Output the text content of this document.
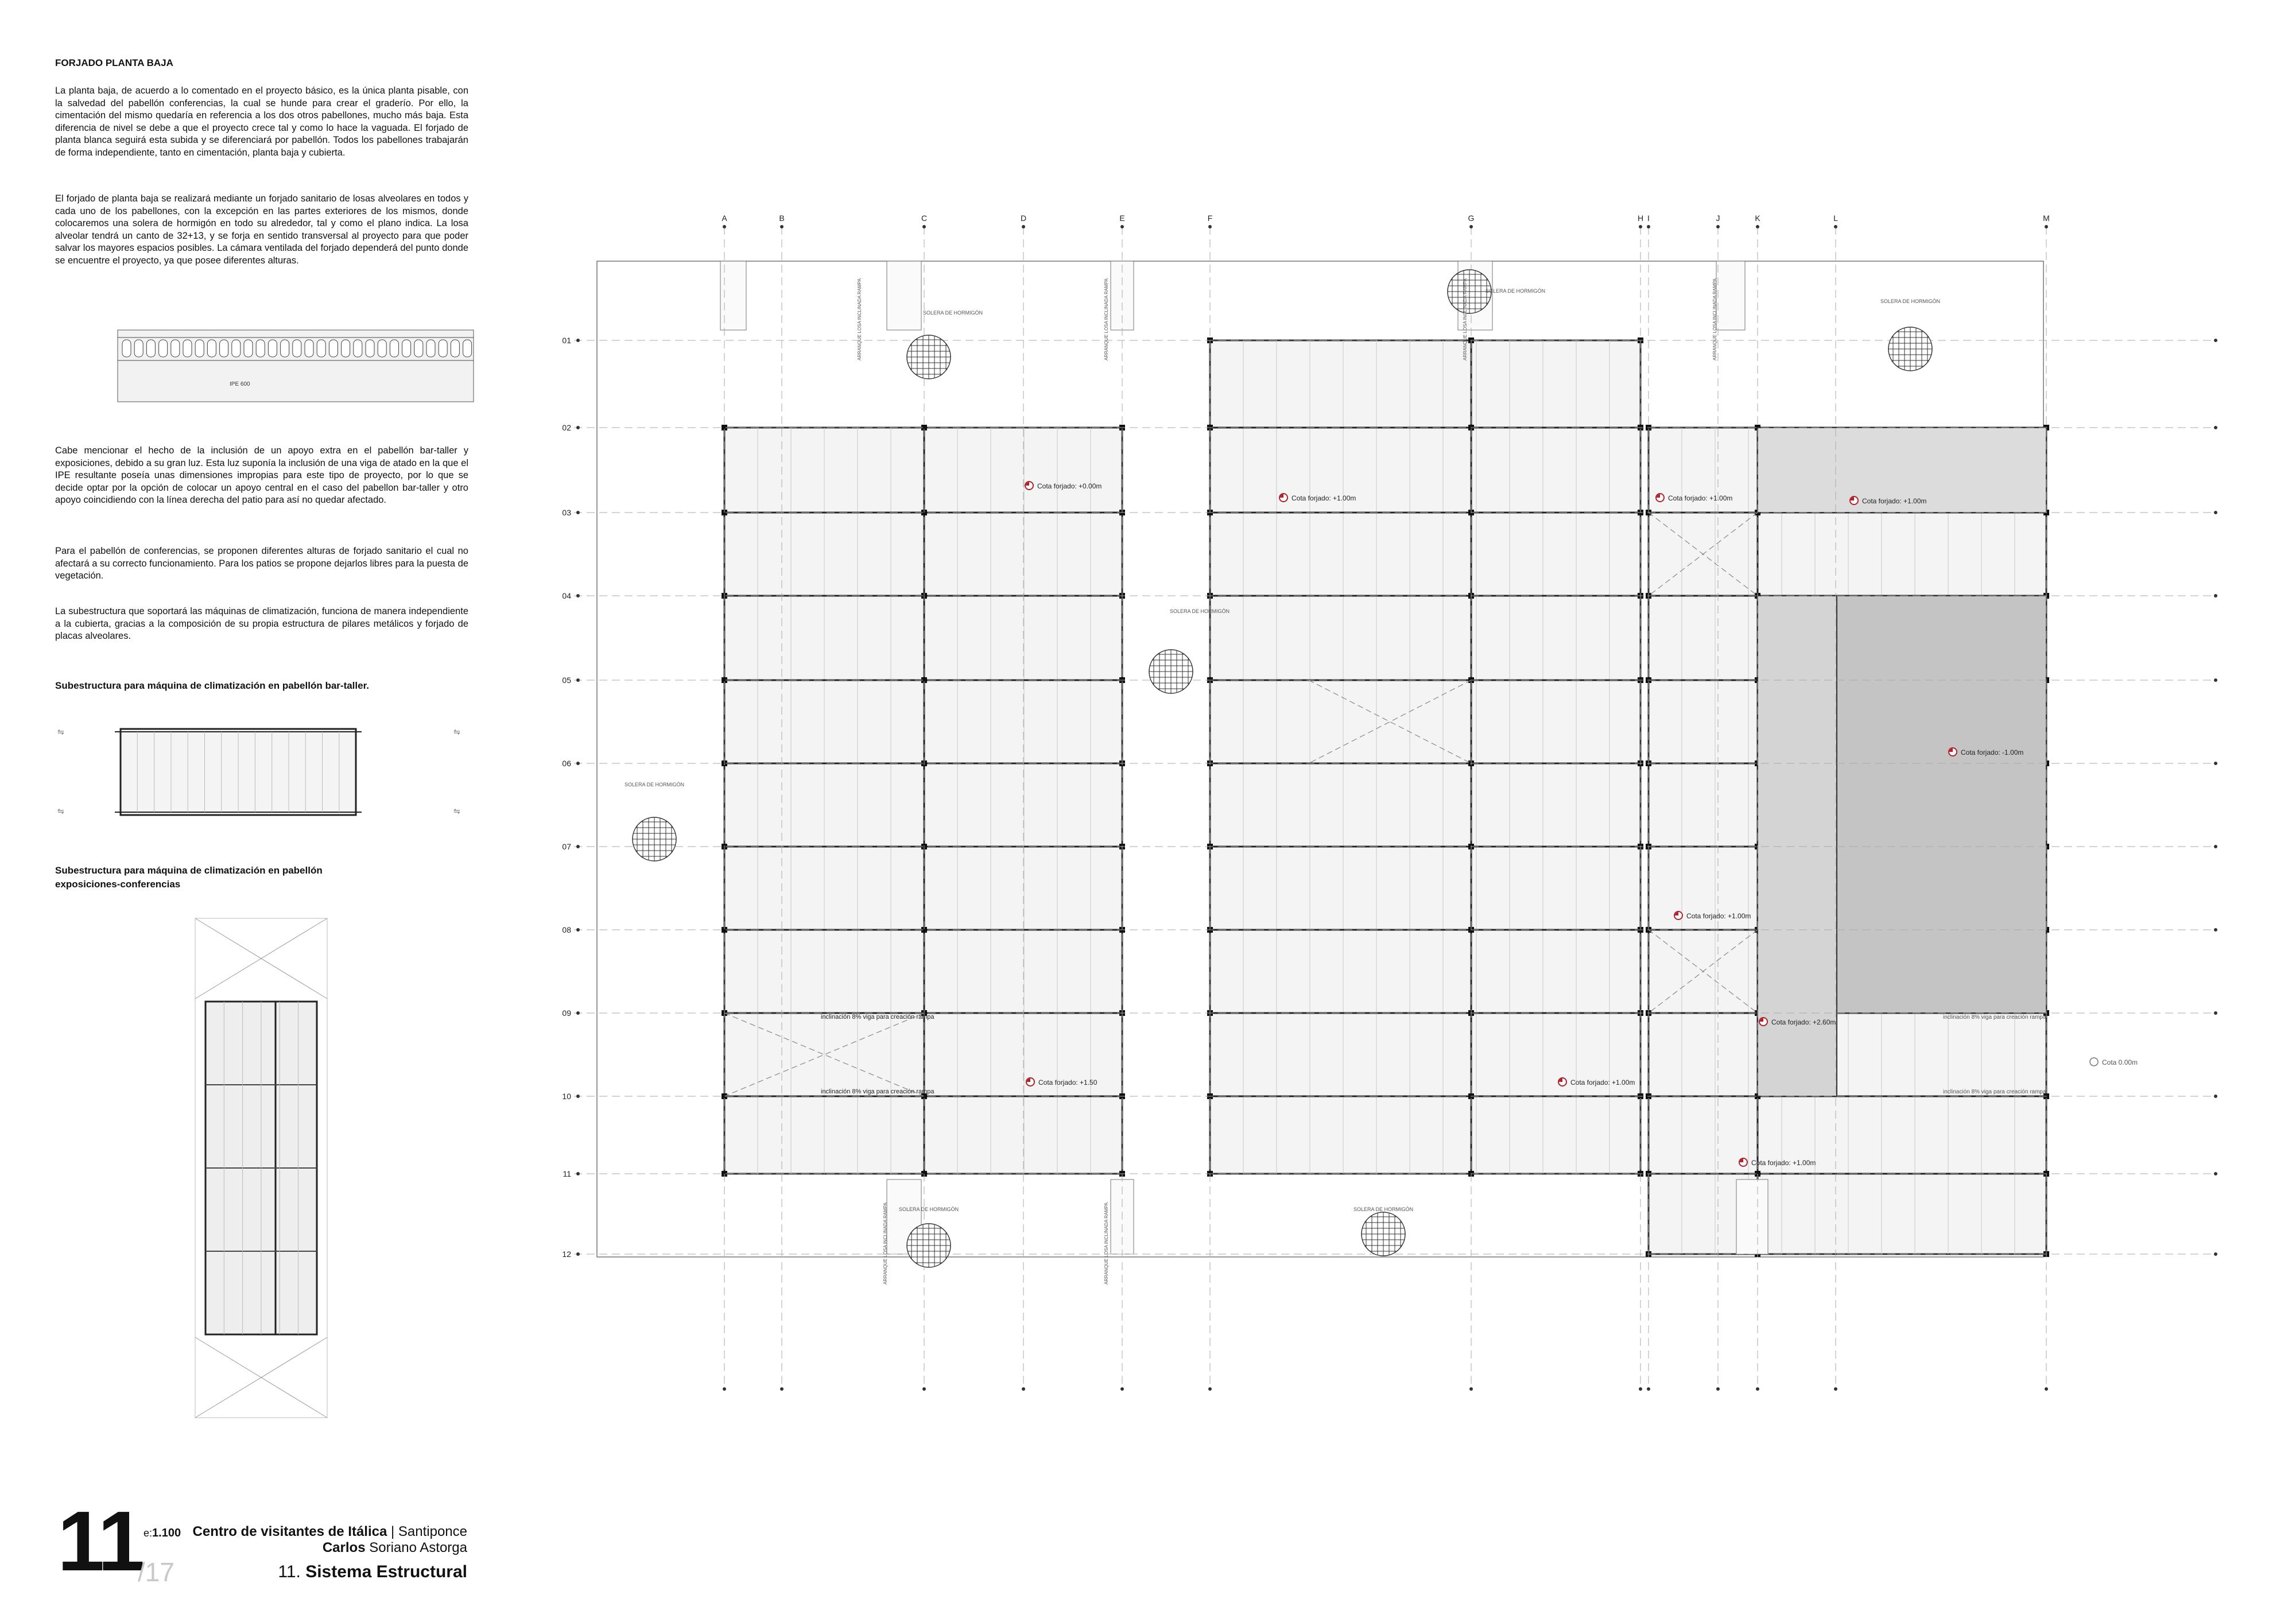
FORJADO PLANTA BAJA

La planta baja, de acuerdo a lo comentado en el proyecto básico, es la única planta pisable, con la salvedad del pabellón conferencias, la cual se hunde para crear el graderío. Por ello, la cimentación del mismo quedaría en referencia a los dos otros pabellones, mucho más baja. Esta diferencia de nivel se debe a que el proyecto crece tal y como lo hace la vaguada. El forjado de planta blanca seguirá esta subida y se diferenciará por pabellón. Todos los pabellones trabajarán de forma independiente, tanto en cimentación, planta baja y cubierta.

El forjado de planta baja se realizará mediante un forjado sanitario de losas alveolares en todos y cada uno de los pabellones, con la excepción en las partes exteriores de los mismos, donde colocaremos una solera de hormigón en todo su alrededor, tal y como el plano indica. La losa alveolar tendrá un canto de 32+13, y se forja en sentido transversal al proyecto para que poder salvar los mayores espacios posibles. La cámara ventilada del forjado dependerá del punto donde se encuentre el proyecto, ya que posee diferentes alturas.

Cabe mencionar el hecho de la inclusión de un apoyo extra en el pabellón bar-taller y exposiciones, debido a su gran luz. Esta luz suponía la inclusión de una viga de atado en la que el IPE resultante poseía unas dimensiones impropias para este tipo de proyecto, por lo que se decide optar por la opción de colocar un apoyo central en el caso del pabellon bar-taller y otro apoyo coincidiendo con la línea derecha del patio para así no quedar afectado.

Para el pabellón de conferencias, se proponen diferentes alturas de forjado sanitario el cual no afectará a su correcto funcionamiento. Para los patios se propone dejarlos libres para la puesta de vegetación.

La subestructura que soportará las máquinas de climatización, funciona de manera independiente a la cubierta, gracias a la composición de su propia estructura de pilares metálicos y forjado de placas alveolares.

Subestructura para máquina de climatización en pabellón bar-taller.

Subestructura para máquina de climatización en pabellón exposiciones-conferencias

IPE 600
⇋	⇋
⇋	⇋
A	B	C	D	E	F	G	H I	J	K	L	M
01
02
03
04
05
06
07
08
09
10
11
12
SOLERA DE HORMIGÓN
SOLERA DE HORMIGÓN
SOLERA DE HORMIGÓN
SOLERA DE HORMIGÓN
SOLERA DE HORMIGÓN
SOLERA DE HORMIGÓN
SOLERA DE HORMIGÓN
Cota forjado: +1.00m	Cota forjado: +1.00m	Cota forjado: +1.00m
Cota forjado: +0.00m
Cota forjado: -1.00m
Cota forjado: +1.00m
Cota forjado: +2.60m
Cota forjado: +1.50	Cota forjado: +1.00m
Cota forjado: +1.00m
Cota 0.00m
inclinación 8% viga para creación rampa
inclinación 8% viga para creación rampa
inclinación 8% viga para creación rampa
inclinación 8% viga para creación rampa
ARRANQUE LOSA INCLINADA RAMPA	ARRANQUE LOSA INCLINADA RAMPA	ARRANQUE LOSA INCLINADA RAMPA	ARRANQUE LOSA INCLINADA RAMPA
ARRANQUE LOSA INCLINADA RAMPA	ARRANQUE LOSA INCLINADA RAMPA
11
/17
e:1.100 Centro de visitantes de Itálica | Santiponce
Carlos Soriano Astorga
11. Sistema Estructural
